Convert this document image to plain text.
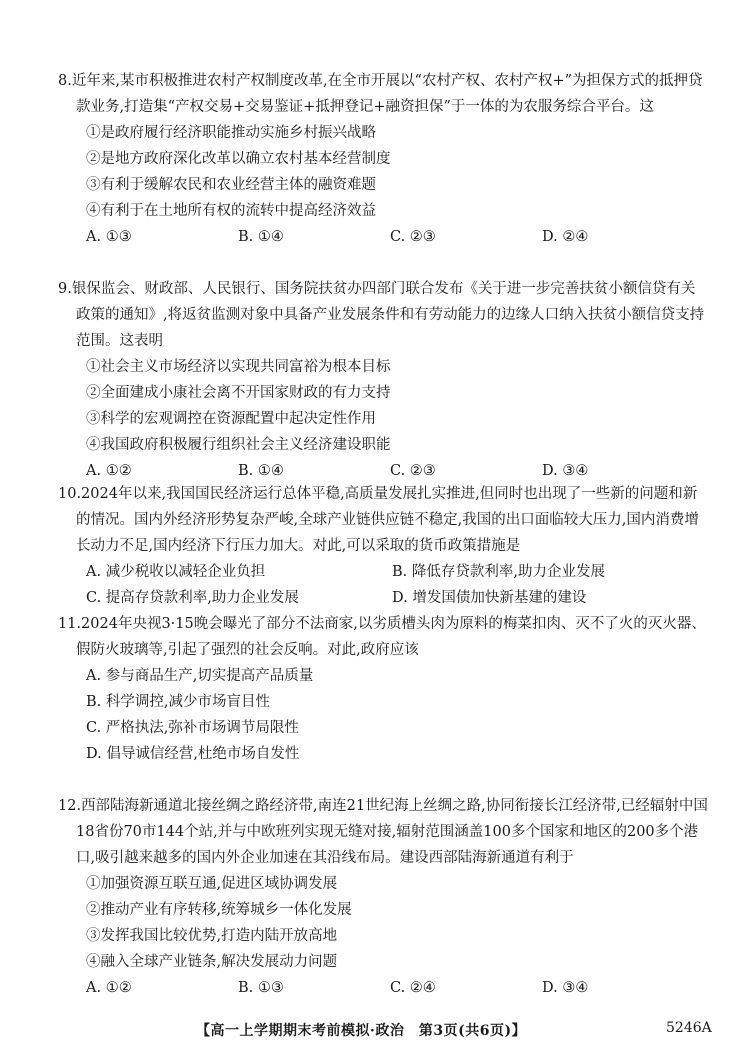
8.近年来,某市积极推进农村产权制度改革,在全市开展以“农村产权、农村产权+”为担保方式的抵押贷款业务,打造集“产权交易+交易鉴证+抵押登记+融资担保”于一体的为农服务综合平台。这
①是政府履行经济职能推动实施乡村振兴战略
②是地方政府深化改革以确立农村基本经营制度
③有利于缓解农民和农业经营主体的融资难题
④有利于在土地所有权的流转中提高经济效益
A. ①③	B. ①④	C. ②③	D. ②④
9.银保监会、财政部、人民银行、国务院扶贫办四部门联合发布《关于进一步完善扶贫小额信贷有关政策的通知》,将返贫监测对象中具备产业发展条件和有劳动能力的边缘人口纳入扶贫小额信贷支持范围。这表明
①社会主义市场经济以实现共同富裕为根本目标
②全面建成小康社会离不开国家财政的有力支持
③科学的宏观调控在资源配置中起决定性作用
④我国政府积极履行组织社会主义经济建设职能
A. ①②	B. ①④	C. ②③	D. ③④
10.2024年以来,我国国民经济运行总体平稳,高质量发展扎实推进,但同时也出现了一些新的问题和新的情况。国内外经济形势复杂严峻,全球产业链供应链不稳定,我国的出口面临较大压力,国内消费增长动力不足,国内经济下行压力加大。对此,可以采取的货币政策措施是
A. 减少税收以减轻企业负担	B. 降低存贷款利率,助力企业发展
C. 提高存贷款利率,助力企业发展	D. 增发国债加快新基建的建设
11.2024年央视3·15晚会曝光了部分不法商家,以劣质槽头肉为原料的梅菜扣肉、灭不了火的灭火器、假防火玻璃等,引起了强烈的社会反响。对此,政府应该
A. 参与商品生产,切实提高产品质量
B. 科学调控,减少市场盲目性
C. 严格执法,弥补市场调节局限性
D. 倡导诚信经营,杜绝市场自发性
12.西部陆海新通道北接丝绸之路经济带,南连21世纪海上丝绸之路,协同衔接长江经济带,已经辐射中国18省份70市144个站,并与中欧班列实现无缝对接,辐射范围涵盖100多个国家和地区的200多个港口,吸引越来越多的国内外企业加速在其沿线布局。建设西部陆海新通道有利于
①加强资源互联互通,促进区域协调发展
②推动产业有序转移,统筹城乡一体化发展
③发挥我国比较优势,打造内陆开放高地
④融入全球产业链条,解决发展动力问题
A. ①②	B. ①③	C. ②④	D. ③④
【高一上学期期末考前模拟·政治　第3页(共6页)】	5246A
